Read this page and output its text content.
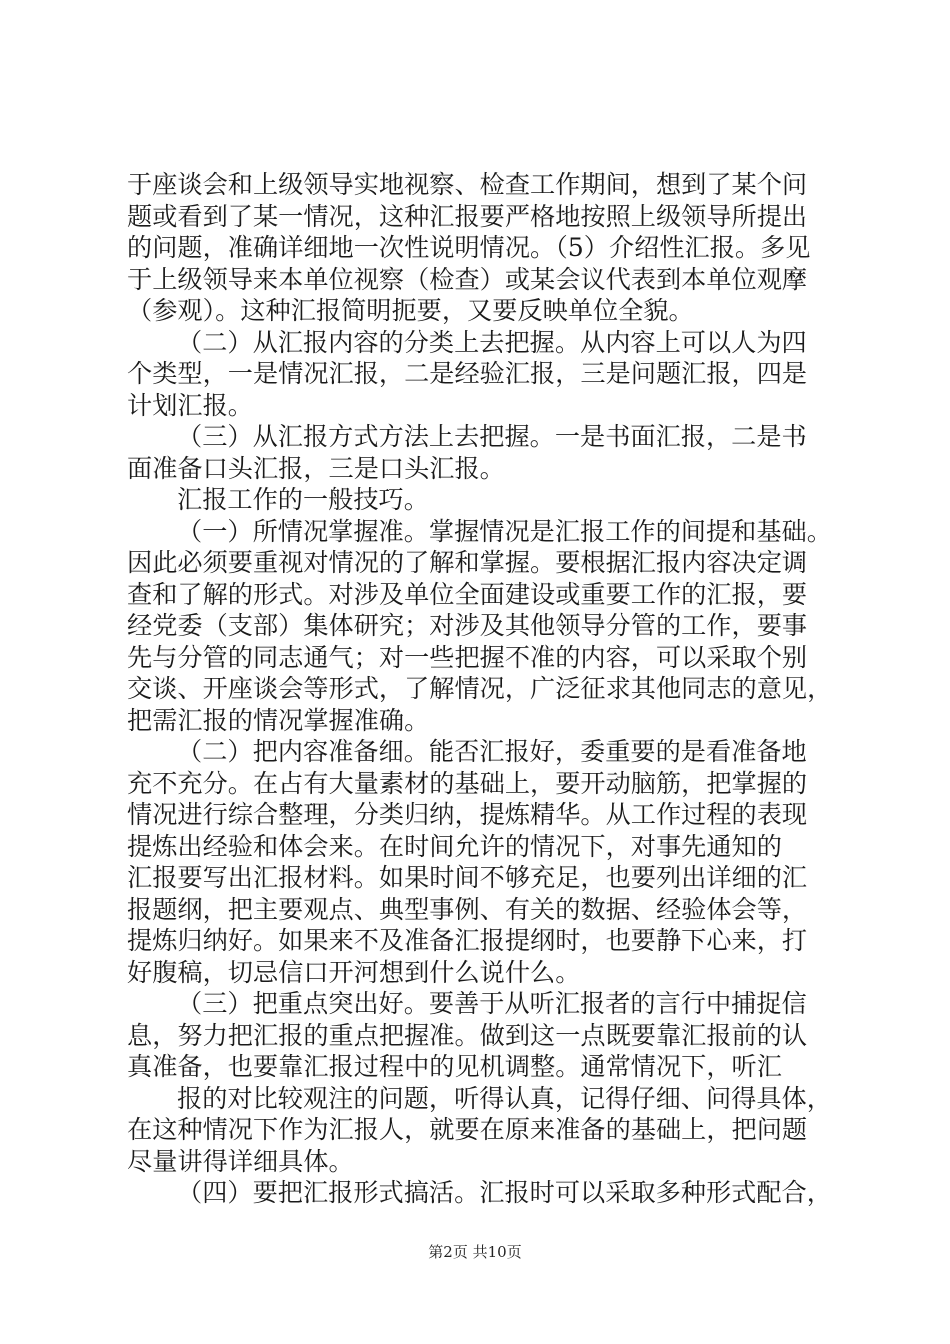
于座谈会和上级领导实地视察、检查工作期间，想到了某个问
题或看到了某一情况，这种汇报要严格地按照上级领导所提出
的问题，准确详细地一次性说明情况。（5）介绍性汇报。多见
于上级领导来本单位视察（检查）或某会议代表到本单位观摩
（参观）。这种汇报简明扼要，又要反映单位全貌。
（二）从汇报内容的分类上去把握。从内容上可以人为四
个类型，一是情况汇报，二是经验汇报，三是问题汇报，四是
计划汇报。
（三）从汇报方式方法上去把握。一是书面汇报，二是书
面准备口头汇报，三是口头汇报。
汇报工作的一般技巧。
（一）所情况掌握准。掌握情况是汇报工作的间提和基础。
因此必须要重视对情况的了解和掌握。要根据汇报内容决定调
查和了解的形式。对涉及单位全面建设或重要工作的汇报，要
经党委（支部）集体研究；对涉及其他领导分管的工作，要事
先与分管的同志通气；对一些把握不准的内容，可以采取个别
交谈、开座谈会等形式，了解情况，广泛征求其他同志的意见，
把需汇报的情况掌握准确。
（二）把内容准备细。能否汇报好，委重要的是看准备地
充不充分。在占有大量素材的基础上，要开动脑筋，把掌握的
情况进行综合整理，分类归纳，提炼精华。从工作过程的表现
提炼出经验和体会来。在时间允许的情况下，对事先通知的
汇报要写出汇报材料。如果时间不够充足，也要列出详细的汇
报题纲，把主要观点、典型事例、有关的数据、经验体会等，
提炼归纳好。如果来不及准备汇报提纲时，也要静下心来，打
好腹稿，切忌信口开河想到什么说什么。
（三）把重点突出好。要善于从听汇报者的言行中捕捉信
息，努力把汇报的重点把握准。做到这一点既要靠汇报前的认
真准备，也要靠汇报过程中的见机调整。通常情况下，听汇
报的对比较观注的问题，听得认真，记得仔细、问得具体，
在这种情况下作为汇报人，就要在原来准备的基础上，把问题
尽量讲得详细具体。
（四）要把汇报形式搞活。汇报时可以采取多种形式配合，
第2页 共10页
